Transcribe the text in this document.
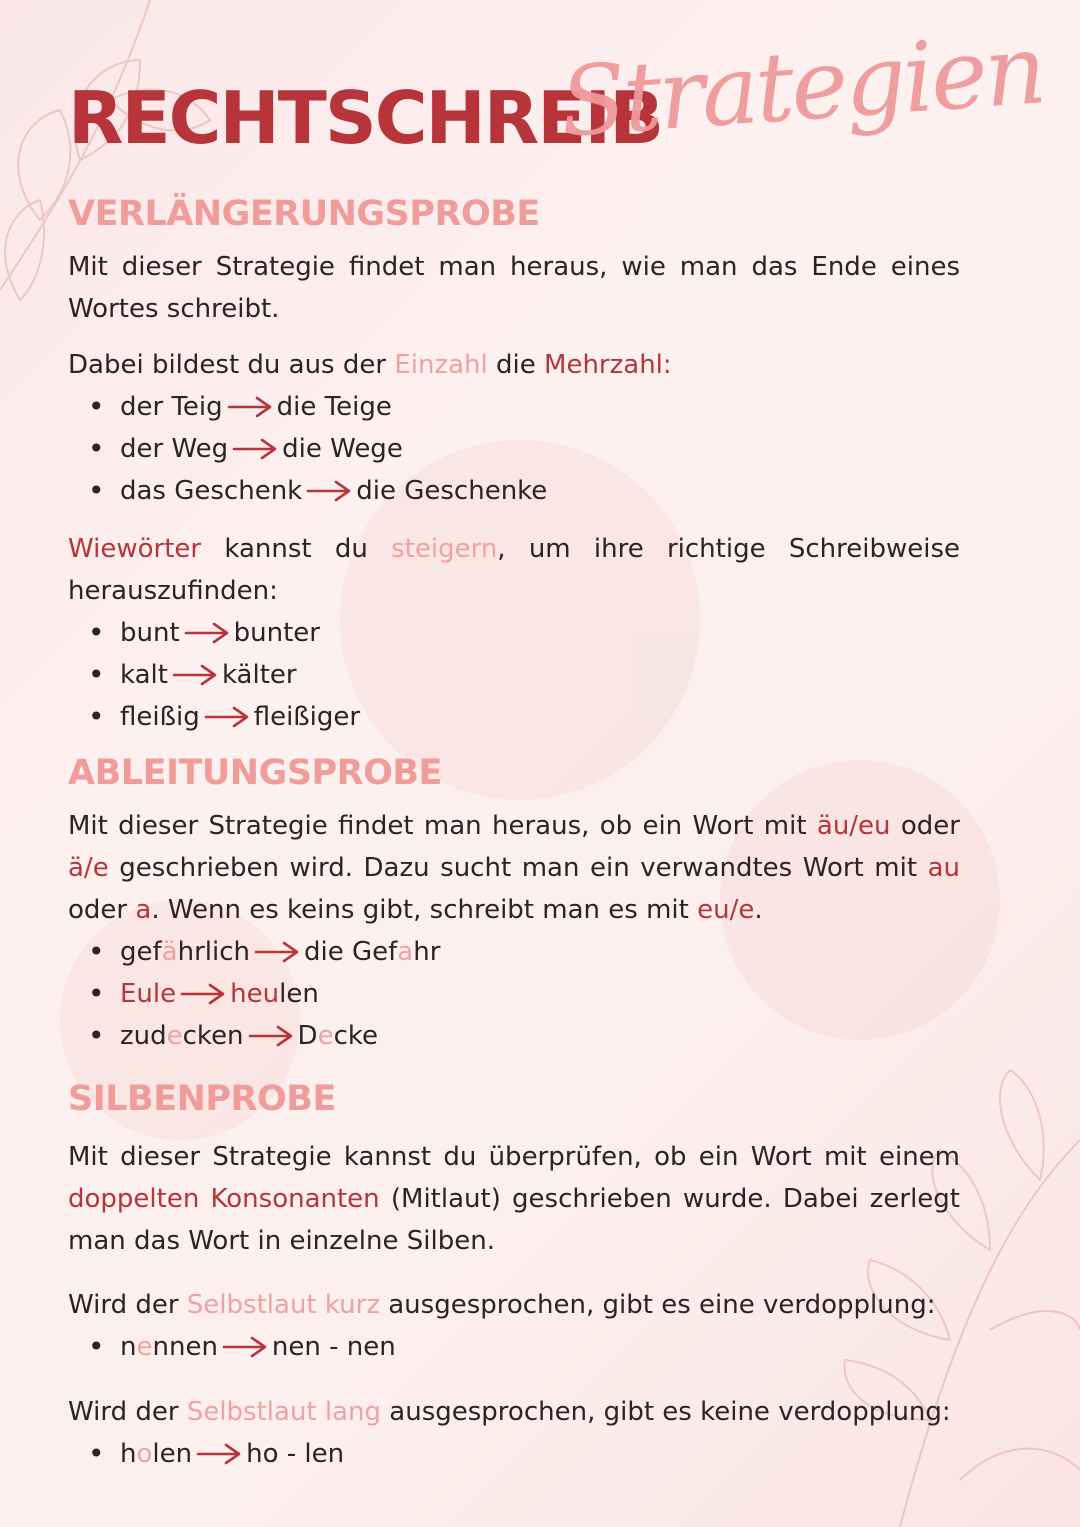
RECHTSCHREIB
Strategien
VERLÄNGERUNGSPROBE
Mit dieser Strategie findet man heraus, wie man das Ende eines Wortes schreibt.
Dabei bildest du aus der Einzahl die Mehrzahl:
• der Teig die Teige
• der Weg die Wege
• das Geschenk die Geschenke
Wiewörter kannst du steigern, um ihre richtige Schreibweise herauszufinden:
• bunt bunter
• kalt kälter
• fleißig fleißiger
ABLEITUNGSPROBE
Mit dieser Strategie findet man heraus, ob ein Wort mit äu/eu oder ä/e geschrieben wird. Dazu sucht man ein verwandtes Wort mit au oder a. Wenn es keins gibt, schreibt man es mit eu/e.
• gefährlich die Gefahr
• Eule heulen
• zudecken Decke
SILBENPROBE
Mit dieser Strategie kannst du überprüfen, ob ein Wort mit einem doppelten Konsonanten (Mitlaut) geschrieben wurde. Dabei zerlegt man das Wort in einzelne Silben.
Wird der Selbstlaut kurz ausgesprochen, gibt es eine verdopplung:
• nennen nen - nen
Wird der Selbstlaut lang ausgesprochen, gibt es keine verdopplung:
• holen ho - len
